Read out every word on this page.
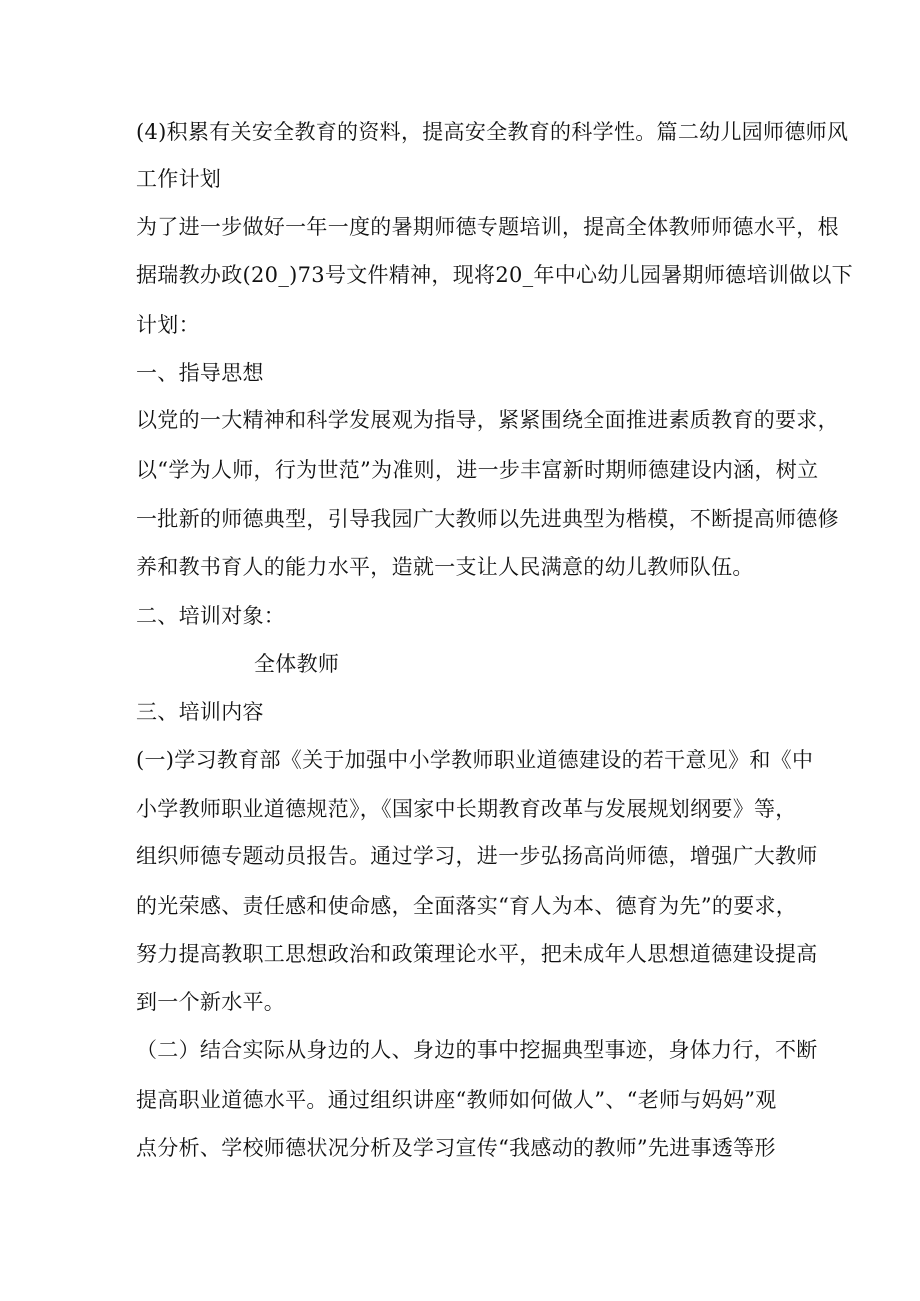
(4)积累有关安全教育的资料，提高安全教育的科学性。篇二幼儿园师德师风
工作计划
为了进一步做好一年一度的暑期师德专题培训，提高全体教师师德水平，根
据瑞教办政(20_)73号文件精神，现将20_年中心幼儿园暑期师德培训做以下
计划：
一、指导思想
以党的一大精神和科学发展观为指导，紧紧围绕全面推进素质教育的要求，
以“学为人师，行为世范”为准则，进一步丰富新时期师德建设内涵，树立
一批新的师德典型，引导我园广大教师以先进典型为楷模，不断提高师德修
养和教书育人的能力水平，造就一支让人民满意的幼儿教师队伍。
二、培训对象：
全体教师
三、培训内容
(一)学习教育部《关于加强中小学教师职业道德建设的若干意见》和《中
小学教师职业道德规范》，《国家中长期教育改革与发展规划纲要》等，
组织师德专题动员报告。通过学习，进一步弘扬高尚师德，增强广大教师
的光荣感、责任感和使命感，全面落实“育人为本、德育为先”的要求，
努力提高教职工思想政治和政策理论水平，把未成年人思想道德建设提高
到一个新水平。
（二）结合实际从身边的人、身边的事中挖掘典型事迹，身体力行，不断
提高职业道德水平。通过组织讲座“教师如何做人”、“老师与妈妈”观
点分析、学校师德状况分析及学习宣传“我感动的教师”先进事透等形
